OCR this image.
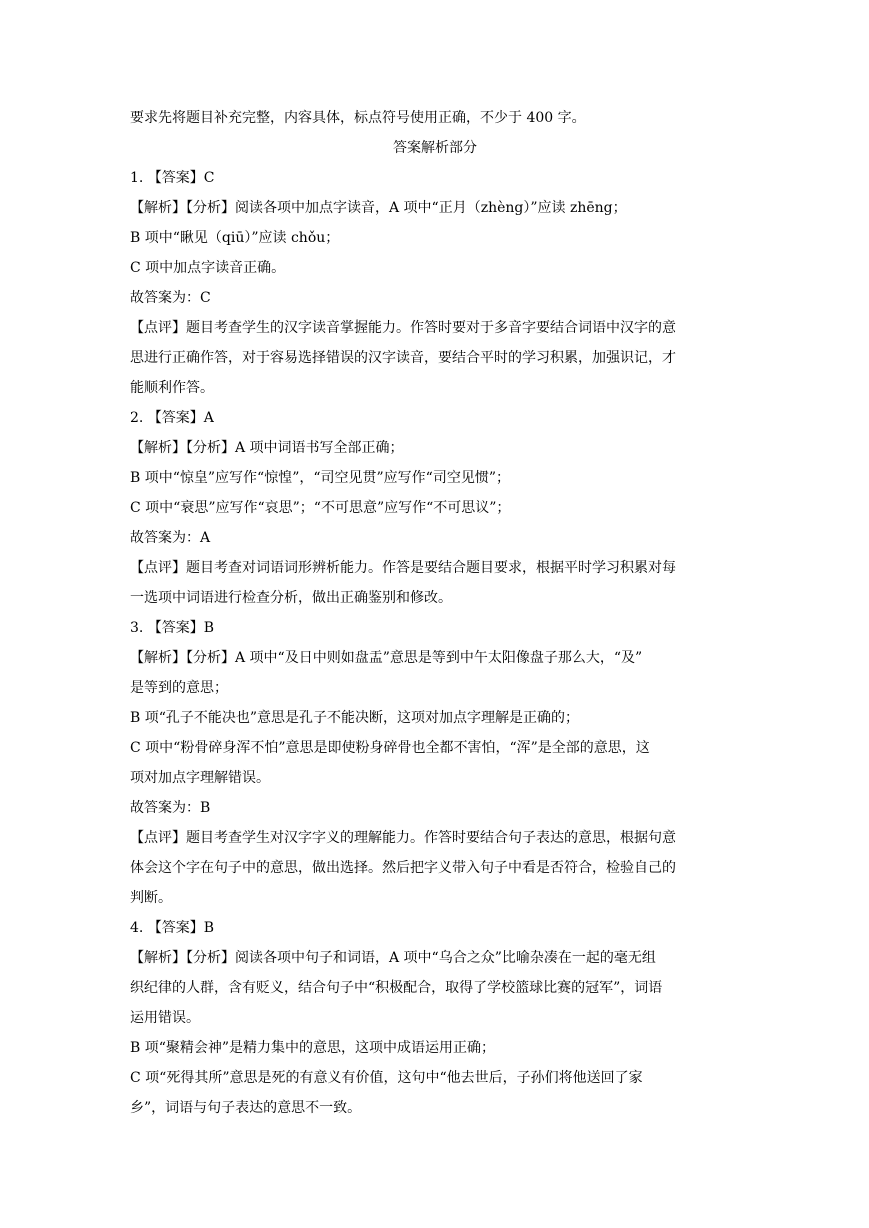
要求先将题目补充完整，内容具体，标点符号使用正确，不少于 400 字。
答案解析部分
1. 【答案】C
【解析】【分析】阅读各项中加点字读音，A 项中“正月（zhèng）”应读 zhēng；
B 项中“瞅见（qiū）”应读 chǒu；
C 项中加点字读音正确。
故答案为：C
【点评】题目考查学生的汉字读音掌握能力。作答时要对于多音字要结合词语中汉字的意
思进行正确作答，对于容易选择错误的汉字读音，要结合平时的学习积累，加强识记，才
能顺利作答。
2. 【答案】A
【解析】【分析】A 项中词语书写全部正确；
B 项中“惊皇”应写作“惊惶”，“司空见贯”应写作“司空见惯”；
C 项中“衰思”应写作“哀思”；“不可思意”应写作“不可思议”；
故答案为：A
【点评】题目考查对词语词形辨析能力。作答是要结合题目要求，根据平时学习积累对每
一选项中词语进行检查分析，做出正确鉴别和修改。
3. 【答案】B
【解析】【分析】A 项中“及日中则如盘盂”意思是等到中午太阳像盘子那么大，“及”
是等到的意思；
B 项“孔子不能决也”意思是孔子不能决断，这项对加点字理解是正确的；
C 项中“粉骨碎身浑不怕”意思是即使粉身碎骨也全都不害怕，“浑”是全部的意思，这
项对加点字理解错误。
故答案为：B
【点评】题目考查学生对汉字字义的理解能力。作答时要结合句子表达的意思，根据句意
体会这个字在句子中的意思，做出选择。然后把字义带入句子中看是否符合，检验自己的
判断。
4. 【答案】B
【解析】【分析】阅读各项中句子和词语，A 项中“乌合之众”比喻杂凑在一起的毫无组
织纪律的人群，含有贬义，结合句子中“积极配合，取得了学校篮球比赛的冠军”，词语
运用错误。
B 项“聚精会神”是精力集中的意思，这项中成语运用正确；
C 项“死得其所”意思是死的有意义有价值，这句中“他去世后，子孙们将他送回了家
乡”，词语与句子表达的意思不一致。
